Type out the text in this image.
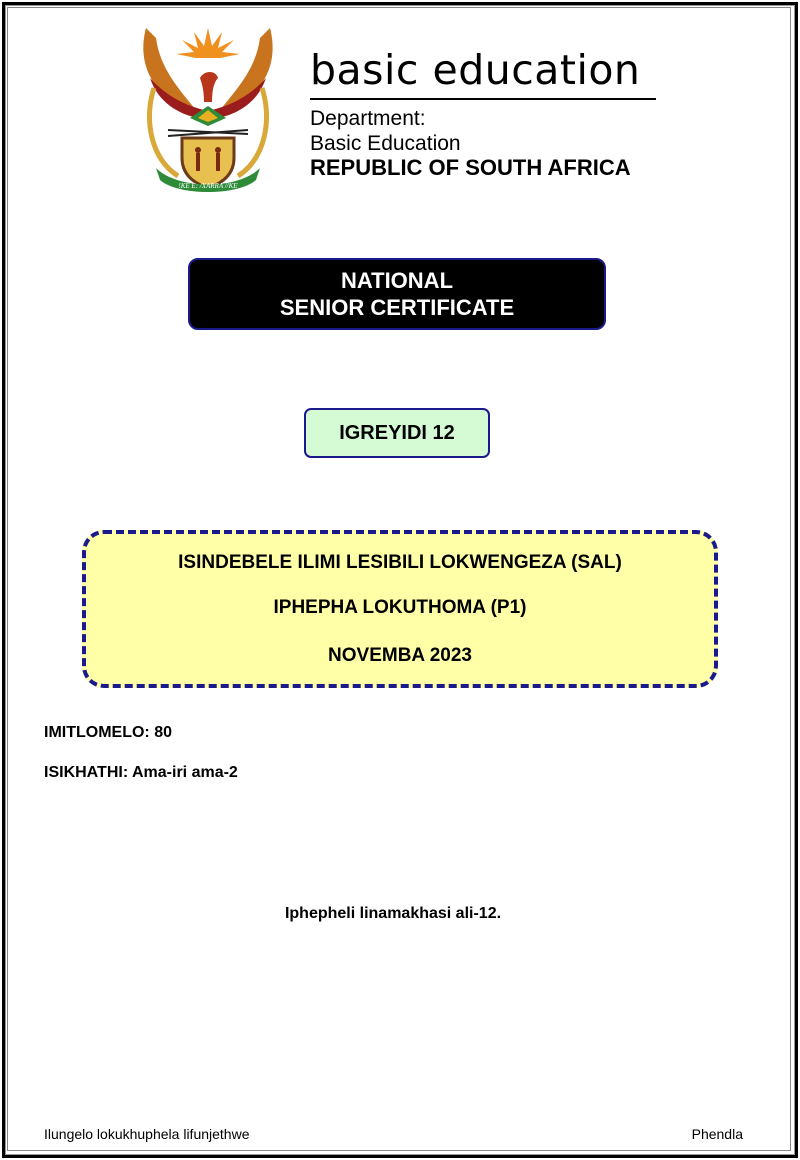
!KE E: /XARRA //KE
basic education
Department:
Basic Education
REPUBLIC OF SOUTH AFRICA
NATIONAL
SENIOR CERTIFICATE
IGREYIDI 12
ISINDEBELE ILIMI LESIBILI LOKWENGEZA (SAL)
IPHEPHA LOKUTHOMA (P1)
NOVEMBA 2023
IMITLOMELO: 80
ISIKHATHI: Ama-iri ama-2
Iphepheli linamakhasi ali-12.
Ilungelo lokukhuphela lifunjethwe	Phendla
